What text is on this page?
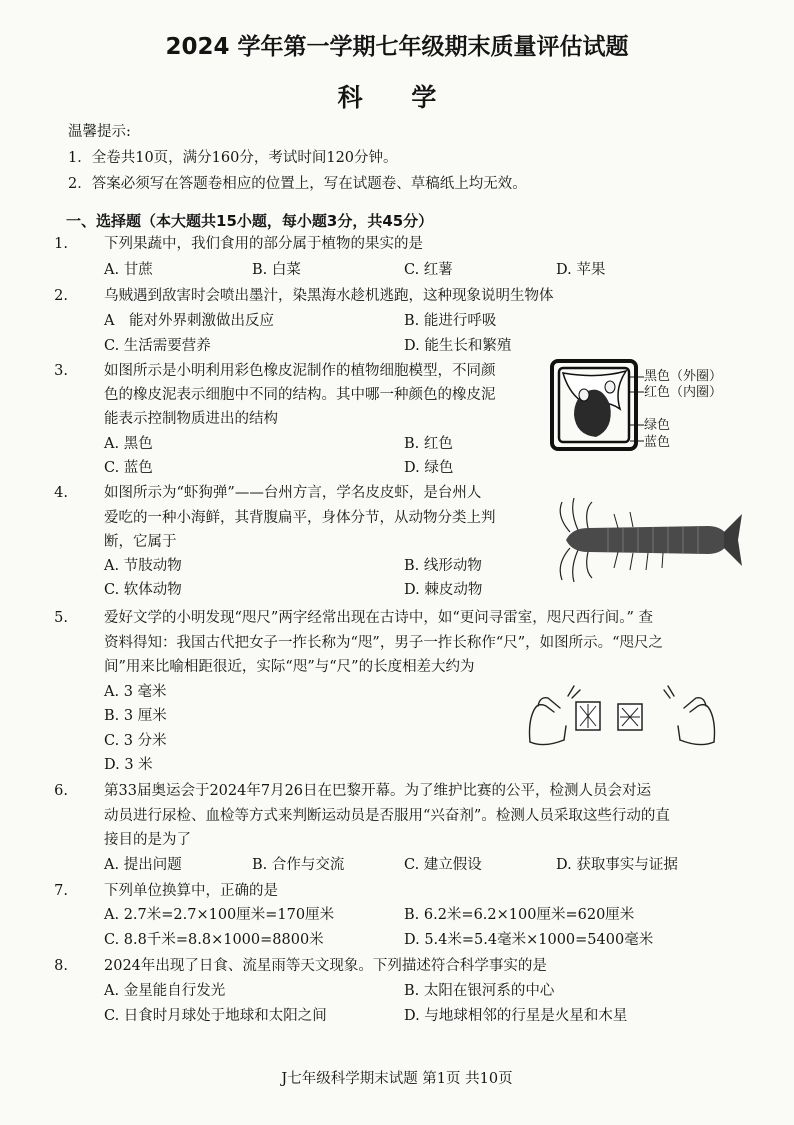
2024 学年第一学期七年级期末质量评估试题
科 学
温馨提示:
1．全卷共10页，满分160分，考试时间120分钟。
2．答案必须写在答题卷相应的位置上，写在试题卷、草稿纸上均无效。
一、选择题（本大题共15小题，每小题3分，共45分）
1. 下列果蔬中，我们食用的部分属于植物的果实的是
A. 甘蔗	B. 白菜	C. 红薯	D. 苹果
2. 乌贼遇到敌害时会喷出墨汁，染黑海水趁机逃跑，这种现象说明生物体
A　能对外界刺激做出反应	B. 能进行呼吸
C. 生活需要营养	D. 能生长和繁殖
3. 如图所示是小明利用彩色橡皮泥制作的植物细胞模型，不同颜
色的橡皮泥表示细胞中不同的结构。其中哪一种颜色的橡皮泥
能表示控制物质进出的结构
A. 黑色	B. 红色
C. 蓝色	D. 绿色
黑色（外圈）
红色（内圈）
绿色
蓝色
4. 如图所示为“虾狗弹”——台州方言，学名皮皮虾，是台州人
爱吃的一种小海鲜，其背腹扁平，身体分节，从动物分类上判
断，它属于
A. 节肢动物	B. 线形动物
C. 软体动物	D. 棘皮动物
5. 爱好文学的小明发现“咫尺”两字经常出现在古诗中，如“更问寻雷室，咫尺西行间。” 查
资料得知：我国古代把女子一拃长称为“咫”，男子一拃长称作“尺”，如图所示。“咫尺之
间”用来比喻相距很近，实际“咫”与“尺”的长度相差大约为
A. 3 毫米
B. 3 厘米
C. 3 分米
D. 3 米
6. 第33届奥运会于2024年7月26日在巴黎开幕。为了维护比赛的公平，检测人员会对运
动员进行尿检、血检等方式来判断运动员是否服用“兴奋剂”。检测人员采取这些行动的直
接目的是为了
A. 提出问题	B. 合作与交流	C. 建立假设	D. 获取事实与证据
7. 下列单位换算中，正确的是
A. 2.7米=2.7×100厘米=170厘米	B. 6.2米=6.2×100厘米=620厘米
C. 8.8千米=8.8×1000=8800米	D. 5.4米=5.4毫米×1000=5400毫米
8. 2024年出现了日食、流星雨等天文现象。下列描述符合科学事实的是
A. 金星能自行发光	B. 太阳在银河系的中心
C. 日食时月球处于地球和太阳之间	D. 与地球相邻的行星是火星和木星
J七年级科学期末试题 第1页 共10页
